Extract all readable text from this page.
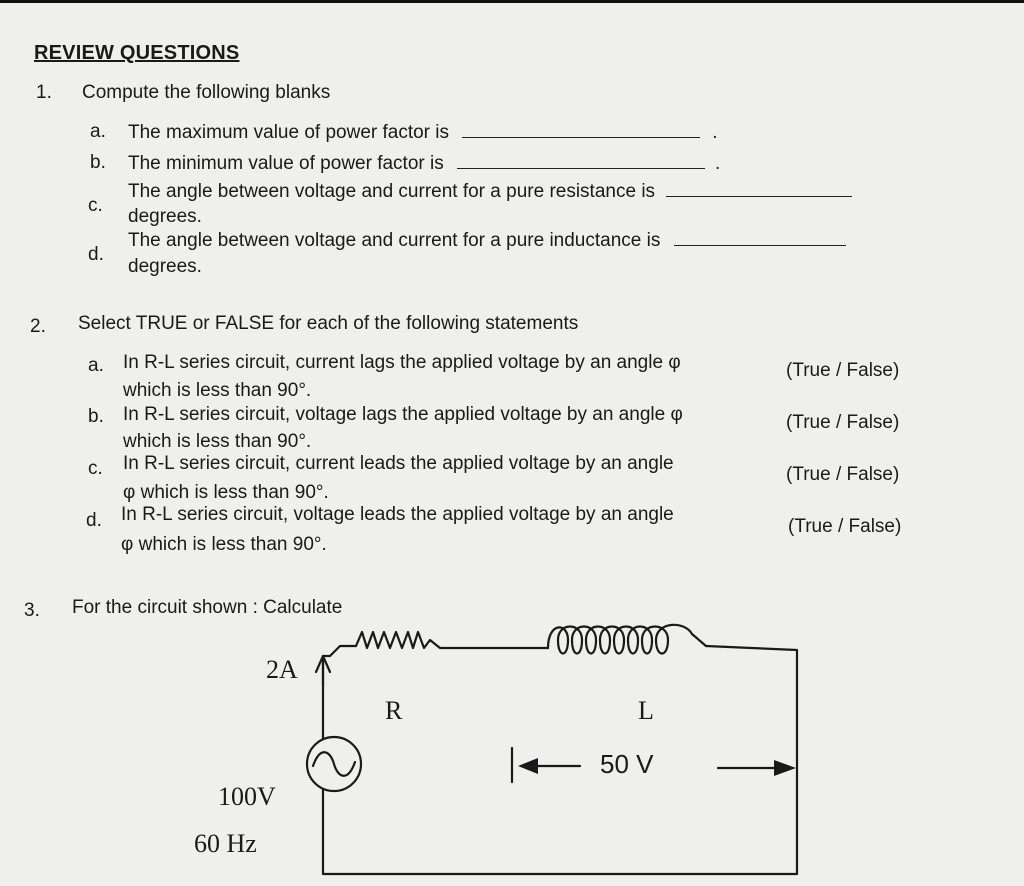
REVIEW QUESTIONS
1. Compute the following blanks
a. The maximum value of power factor is	.
b. The minimum value of power factor is	.
c.
The angle between voltage and current for a pure resistance is
degrees.
d.
The angle between voltage and current for a pure inductance is
degrees.
2. Select TRUE or FALSE for each of the following statements
a. In R-L series circuit, current lags the applied voltage by an angle φ
which is less than 90°.
(True / False)
b. In R-L series circuit, voltage lags the applied voltage by an angle φ
which is less than 90°.
(True / False)
c. In R-L series circuit, current leads the applied voltage by an angle
φ which is less than 90°.
(True / False)
d. In R-L series circuit, voltage leads the applied voltage by an angle
φ which is less than 90°.
(True / False)
3. For the circuit shown : Calculate
2A
R	L
50 V
100V
60 Hz
